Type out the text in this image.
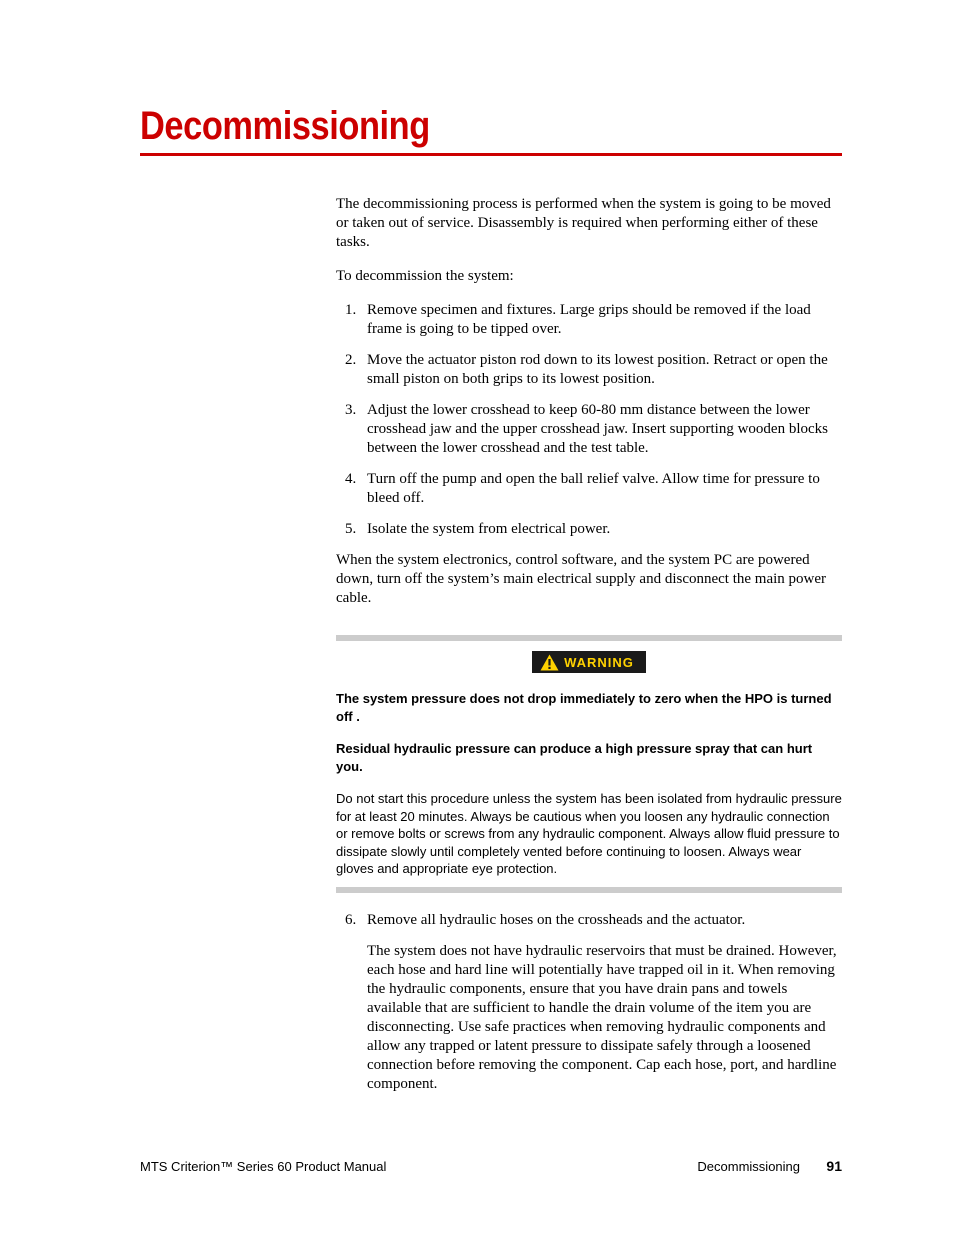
Decommissioning

The decommissioning process is performed when the system is going to be moved or taken out of service. Disassembly is required when performing either of these tasks.

To decommission the system:

1. Remove specimen and fixtures. Large grips should be removed if the load frame is going to be tipped over.
2. Move the actuator piston rod down to its lowest position. Retract or open the small piston on both grips to its lowest position.
3. Adjust the lower crosshead to keep 60-80 mm distance between the lower crosshead jaw and the upper crosshead jaw. Insert supporting wooden blocks between the lower crosshead and the test table.
4. Turn off the pump and open the ball relief valve. Allow time for pressure to bleed off.
5. Isolate the system from electrical power.

When the system electronics, control software, and the system PC are powered down, turn off the system’s main electrical supply and disconnect the main power cable.

WARNING

The system pressure does not drop immediately to zero when the HPO is turned off .

Residual hydraulic pressure can produce a high pressure spray that can hurt you.

Do not start this procedure unless the system has been isolated from hydraulic pressure for at least 20 minutes. Always be cautious when you loosen any hydraulic connection or remove bolts or screws from any hydraulic component. Always allow fluid pressure to dissipate slowly until completely vented before continuing to loosen. Always wear gloves and appropriate eye protection.

6. Remove all hydraulic hoses on the crossheads and the actuator.

The system does not have hydraulic reservoirs that must be drained. However, each hose and hard line will potentially have trapped oil in it. When removing the hydraulic components, ensure that you have drain pans and towels available that are sufficient to handle the drain volume of the item you are disconnecting. Use safe practices when removing hydraulic components and allow any trapped or latent pressure to dissipate safely through a loosened connection before removing the component. Cap each hose, port, and hardline component.

MTS Criterion™ Series 60 Product Manual	Decommissioning 91
